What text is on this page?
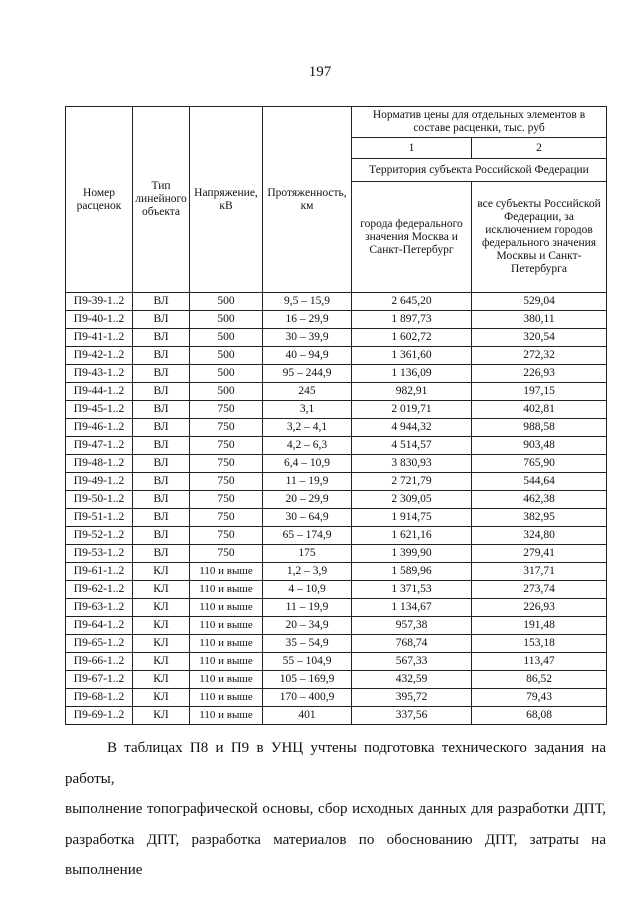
197
Номер расценок	Тип линейного объекта	Напряжение, кВ	Протяженность, км	Норматив цены для отдельных элементов в составе расценки, тыс. руб	
				1	2
				Территория субъекта Российской Федерации	
				города федерального значения Москва и Санкт-Петербург	все субъекты Российской Федерации, за исключением городов федерального значения Москвы и Санкт-Петербурга
П9-39-1..2	ВЛ	500	9,5 – 15,9	2 645,20	529,04
П9-40-1..2	ВЛ	500	16 – 29,9	1 897,73	380,11
П9-41-1..2	ВЛ	500	30 – 39,9	1 602,72	320,54
П9-42-1..2	ВЛ	500	40 – 94,9	1 361,60	272,32
П9-43-1..2	ВЛ	500	95 – 244,9	1 136,09	226,93
П9-44-1..2	ВЛ	500	245	982,91	197,15
П9-45-1..2	ВЛ	750	3,1	2 019,71	402,81
П9-46-1..2	ВЛ	750	3,2 – 4,1	4 944,32	988,58
П9-47-1..2	ВЛ	750	4,2 – 6,3	4 514,57	903,48
П9-48-1..2	ВЛ	750	6,4 – 10,9	3 830,93	765,90
П9-49-1..2	ВЛ	750	11 – 19,9	2 721,79	544,64
П9-50-1..2	ВЛ	750	20 – 29,9	2 309,05	462,38
П9-51-1..2	ВЛ	750	30 – 64,9	1 914,75	382,95
П9-52-1..2	ВЛ	750	65 – 174,9	1 621,16	324,80
П9-53-1..2	ВЛ	750	175	1 399,90	279,41
П9-61-1..2	КЛ	110 и выше	1,2 – 3,9	1 589,96	317,71
П9-62-1..2	КЛ	110 и выше	4 – 10,9	1 371,53	273,74
П9-63-1..2	КЛ	110 и выше	11 – 19,9	1 134,67	226,93
П9-64-1..2	КЛ	110 и выше	20 – 34,9	957,38	191,48
П9-65-1..2	КЛ	110 и выше	35 – 54,9	768,74	153,18
П9-66-1..2	КЛ	110 и выше	55 – 104,9	567,33	113,47
П9-67-1..2	КЛ	110 и выше	105 – 169,9	432,59	86,52
П9-68-1..2	КЛ	110 и выше	170 – 400,9	395,72	79,43
П9-69-1..2	КЛ	110 и выше	401	337,56	68,08
В таблицах П8 и П9 в УНЦ учтены подготовка технического задания на работы,
выполнение топографической основы, сбор исходных данных для разработки ДПТ,
разработка ДПТ, разработка материалов по обоснованию ДПТ, затраты на выполнение
